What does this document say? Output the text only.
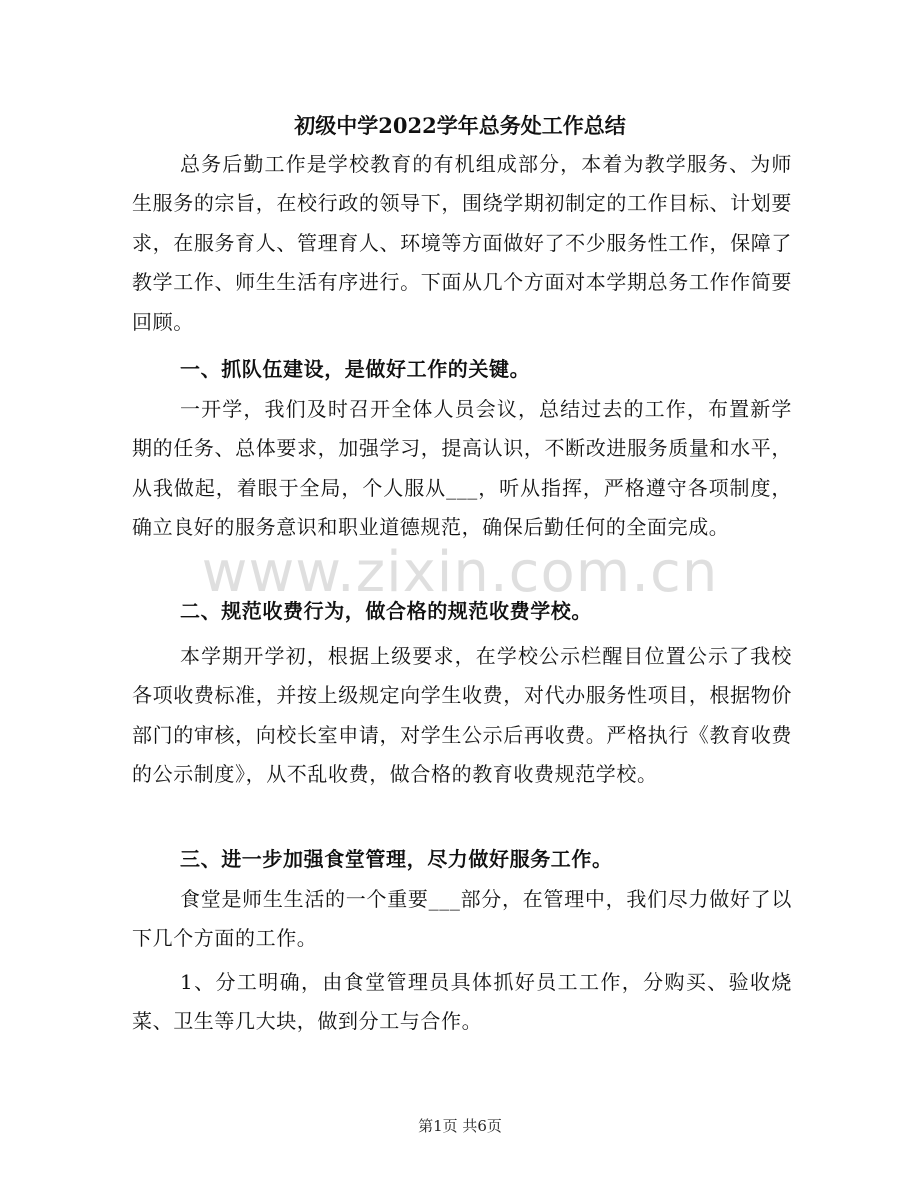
初级中学2022学年总务处工作总结

总务后勤工作是学校教育的有机组成部分，本着为教学服务、为师生服务的宗旨，在校行政的领导下，围绕学期初制定的工作目标、计划要求，在服务育人、管理育人、环境等方面做好了不少服务性工作，保障了教学工作、师生生活有序进行。下面从几个方面对本学期总务工作作简要回顾。

一、抓队伍建设，是做好工作的关键。

一开学，我们及时召开全体人员会议，总结过去的工作，布置新学期的任务、总体要求，加强学习，提高认识，不断改进服务质量和水平，从我做起，着眼于全局，个人服从___，听从指挥，严格遵守各项制度，确立良好的服务意识和职业道德规范，确保后勤任何的全面完成。

二、规范收费行为，做合格的规范收费学校。

本学期开学初，根据上级要求，在学校公示栏醒目位置公示了我校各项收费标准，并按上级规定向学生收费，对代办服务性项目，根据物价部门的审核，向校长室申请，对学生公示后再收费。严格执行《教育收费的公示制度》，从不乱收费，做合格的教育收费规范学校。

三、进一步加强食堂管理，尽力做好服务工作。

食堂是师生生活的一个重要___部分，在管理中，我们尽力做好了以下几个方面的工作。

1、分工明确，由食堂管理员具体抓好员工工作，分购买、验收烧菜、卫生等几大块，做到分工与合作。

www.zixin.com.cn
第1页 共6页
